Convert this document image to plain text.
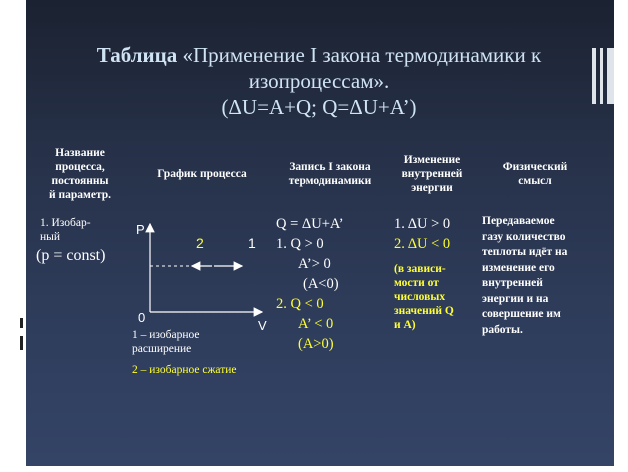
Таблица «Применение I закона термодинамики к изопроцессам».
(ΔU=A+Q; Q=ΔU+A’)
Название
процесса,
постоянны
й параметр.
График процесса
Запись I закона
термодинамики
Изменение
внутренней
энергии
Физический
смысл
1. Изобар-
ный
(p = const)
P
V
0
2	1
1 – изобарное
расширение
2 – изобарное сжатие
Q = ΔU+A’
1. Q > 0
A’> 0
(A<0)
2. Q < 0
A’ < 0
(A>0)
1. ΔU > 0
2. ΔU < 0
(в зависи-
мости от
числовых
значений Q
и A)
Передаваемое
газу количество
теплоты идёт на
изменение его
внутренней
энергии и на
совершение им
работы.
